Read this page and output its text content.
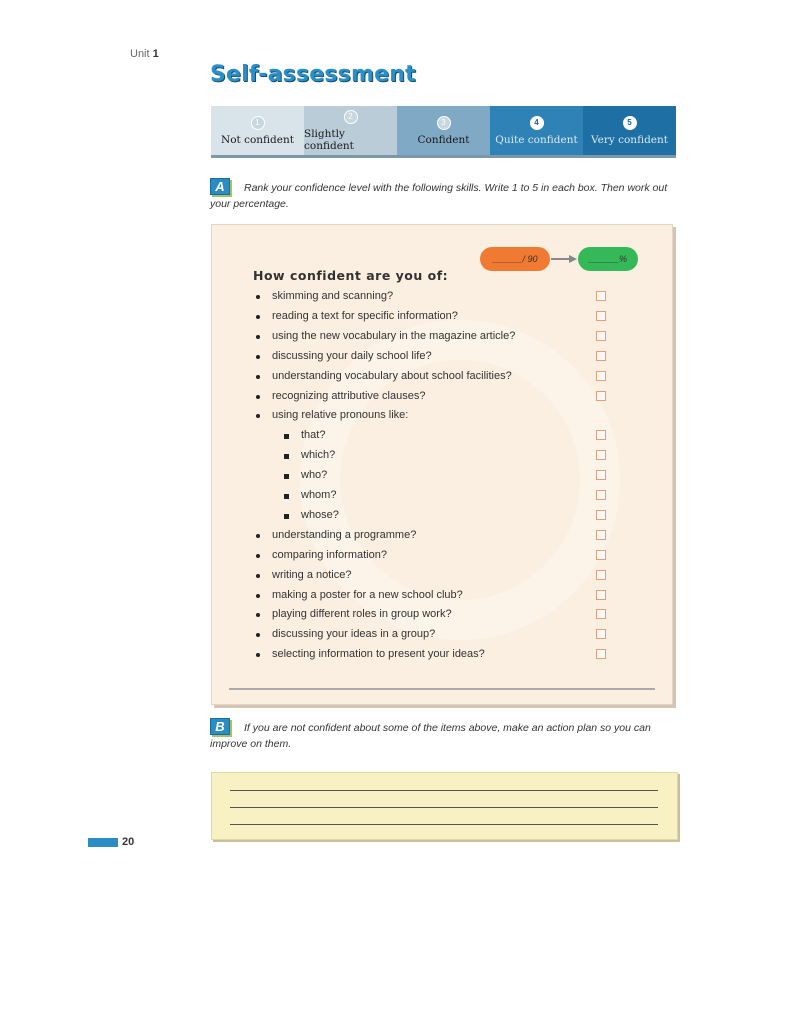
Unit 1
Self-assessment
1
Not confident
2
Slightly confident
3
Confident
4
Quite confident
5
Very confident
A Rank your confidence level with the following skills. Write 1 to 5 in each box. Then work out your percentage.
______/ 90	______%
How confident are you of:
skimming and scanning?
reading a text for specific information?
using the new vocabulary in the magazine article?
discussing your daily school life?
understanding vocabulary about school facilities?
recognizing attributive clauses?
using relative pronouns like:
that?
which?
who?
whom?
whose?
understanding a programme?
comparing information?
writing a notice?
making a poster for a new school club?
playing different roles in group work?
discussing your ideas in a group?
selecting information to present your ideas?
B If you are not confident about some of the items above, make an action plan so you can improve on them.
20
